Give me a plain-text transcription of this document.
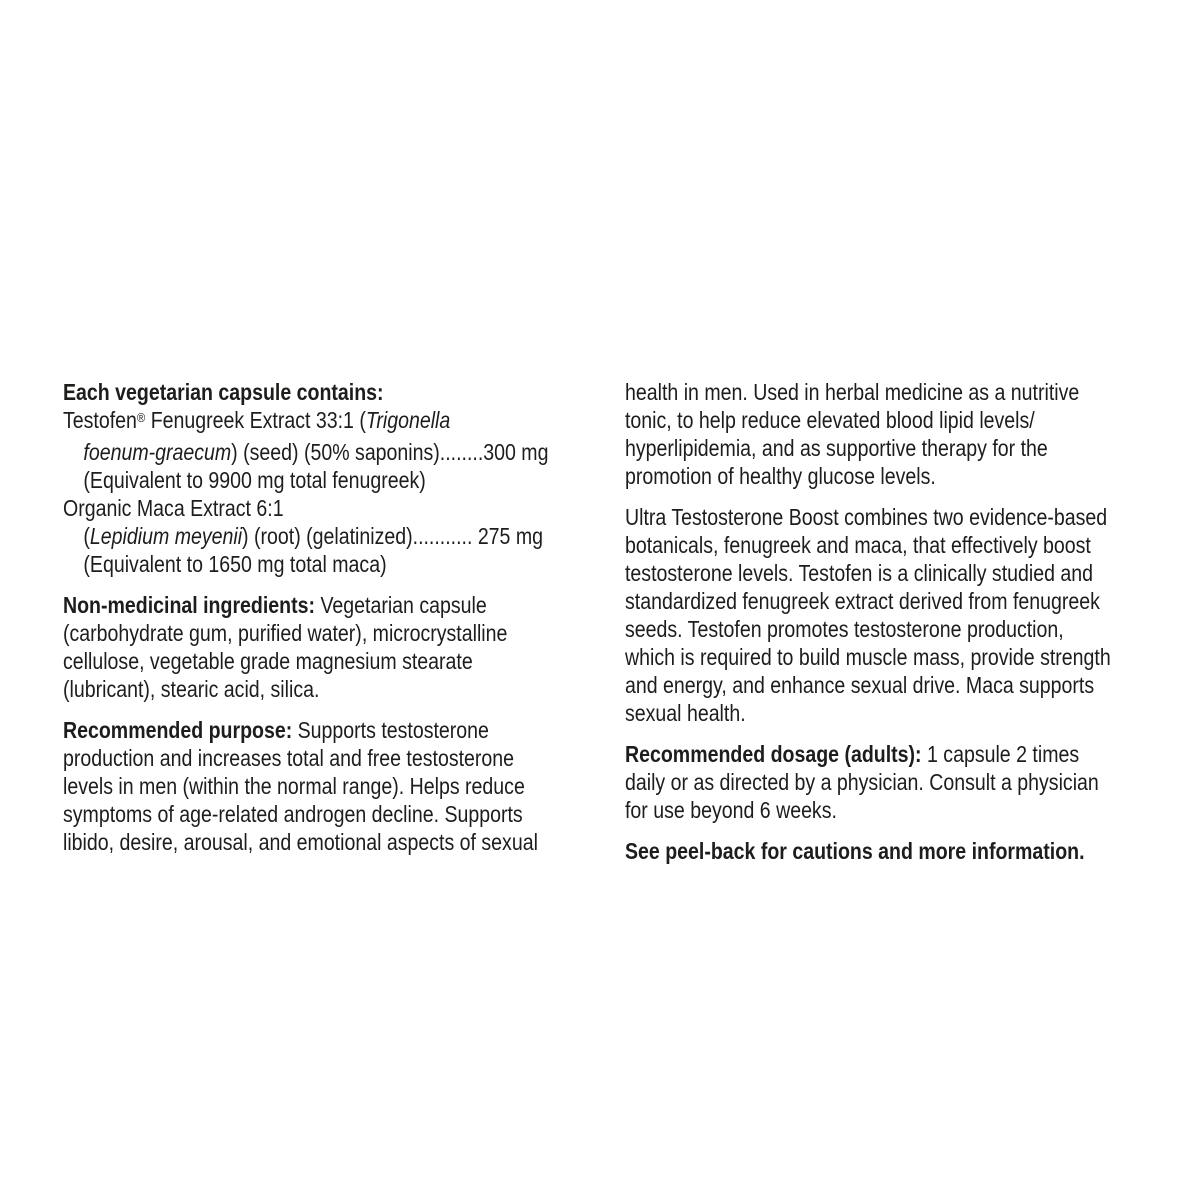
Each vegetarian capsule contains:
Testofen® Fenugreek Extract 33:1 (Trigonella
foenum-graecum) (seed) (50% saponins)........300 mg
(Equivalent to 9900 mg total fenugreek)
Organic Maca Extract 6:1
(Lepidium meyenii) (root) (gelatinized)........... 275 mg
(Equivalent to 1650 mg total maca)
Non-medicinal ingredients: Vegetarian capsule
(carbohydrate gum, purified water), microcrystalline
cellulose, vegetable grade magnesium stearate
(lubricant), stearic acid, silica.
Recommended purpose: Supports testosterone
production and increases total and free testosterone
levels in men (within the normal range). Helps reduce
symptoms of age-related androgen decline. Supports
libido, desire, arousal, and emotional aspects of sexual
health in men. Used in herbal medicine as a nutritive
tonic, to help reduce elevated blood lipid levels/
hyperlipidemia, and as supportive therapy for the
promotion of healthy glucose levels.
Ultra Testosterone Boost combines two evidence-based
botanicals, fenugreek and maca, that effectively boost
testosterone levels. Testofen is a clinically studied and
standardized fenugreek extract derived from fenugreek
seeds. Testofen promotes testosterone production,
which is required to build muscle mass, provide strength
and energy, and enhance sexual drive. Maca supports
sexual health.
Recommended dosage (adults): 1 capsule 2 times
daily or as directed by a physician. Consult a physician
for use beyond 6 weeks.
See peel-back for cautions and more information.
